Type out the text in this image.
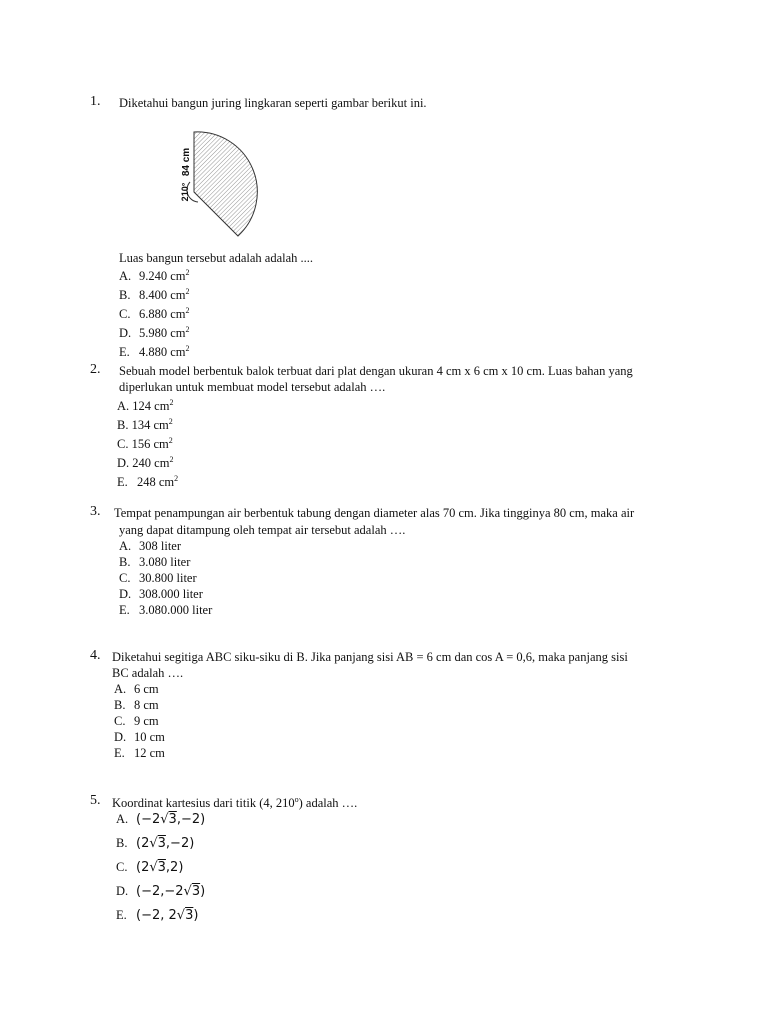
1. Diketahui bangun juring lingkaran seperti gambar berikut ini.
84 cm
210°
Luas bangun tersebut adalah adalah ....
A. 9.240 $cm^2$
B. 8.400 $cm^2$
C. 6.880 $cm^2$
D. 5.980 $cm^2$
E. 4.880 $cm^2$
2. Sebuah model berbentuk balok terbuat dari plat dengan ukuran 4 cm x 6 cm x 10 cm. Luas bahan yang
diperlukan untuk membuat model tersebut adalah ….
A. 124 $cm^2$
B. 134 $cm^2$
C. 156 $cm^2$
D. 240 $cm^2$
E. 248 $cm^2$
3. Tempat penampungan air berbentuk tabung dengan diameter alas 70 cm. Jika tingginya 80 cm, maka air
yang dapat ditampung oleh tempat air tersebut adalah ….
A. 308 liter
B. 3.080 liter
C. 30.800 liter
D. 308.000 liter
E. 3.080.000 liter
4. Diketahui segitiga ABC siku-siku di B. Jika panjang sisi AB = 6 cm dan cos A = 0,6, maka panjang sisi
BC adalah ….
A. 6 cm
B. 8 cm
C. 9 cm
D. 10 cm
E. 12 cm
5. Koordinat kartesius dari titik (4, 210$^o$) adalah ….
A. (−2√3,−2)
B. (2√3,−2)
C. (2√3,2)
D. (−2,−2√3)
E. (−2, 2√3)
